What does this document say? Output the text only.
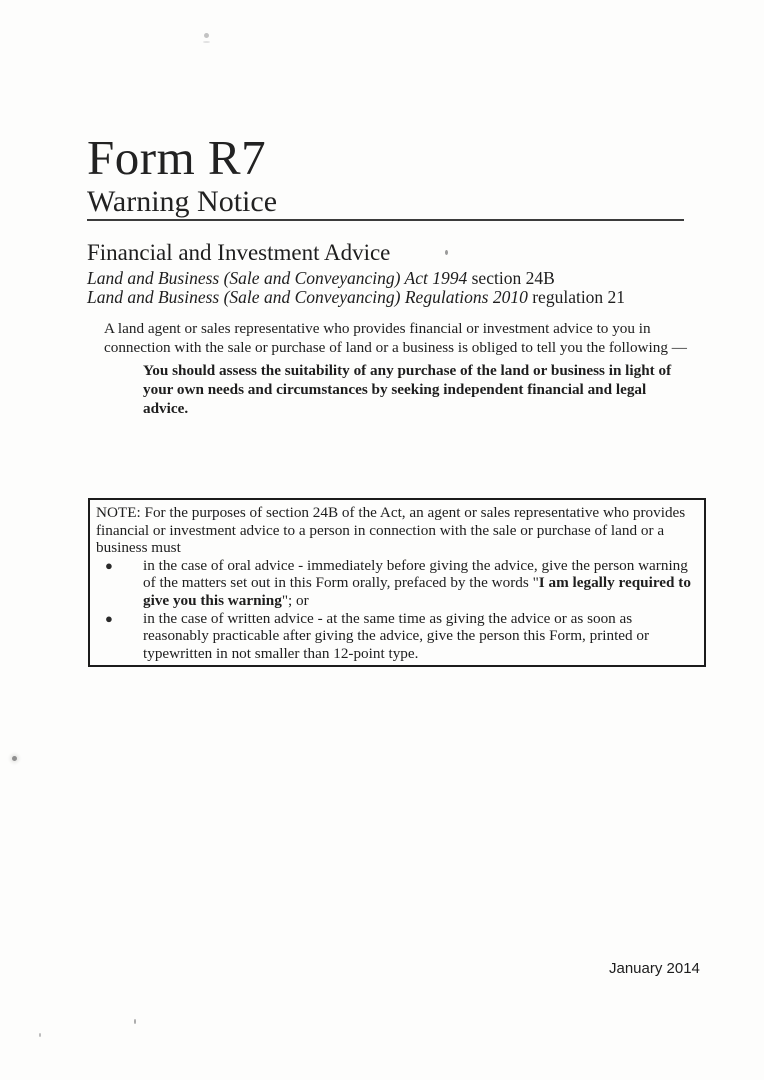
Form R7
Warning Notice
Financial and Investment Advice
Land and Business (Sale and Conveyancing) Act 1994 section 24B
Land and Business (Sale and Conveyancing) Regulations 2010 regulation 21

A land agent or sales representative who provides financial or investment advice to you in connection with the sale or purchase of land or a business is obliged to tell you the following —

You should assess the suitability of any purchase of the land or business in light of your own needs and circumstances by seeking independent financial and legal advice.

NOTE: For the purposes of section 24B of the Act, an agent or sales representative who provides financial or investment advice to a person in connection with the sale or purchase of land or a business must

●	in the case of oral advice - immediately before giving the advice, give the person warning of the matters set out in this Form orally, prefaced by the words "I am legally required to give you this warning"; or
●	in the case of written advice - at the same time as giving the advice or as soon as reasonably practicable after giving the advice, give the person this Form, printed or typewritten in not smaller than 12-point type.
January 2014
